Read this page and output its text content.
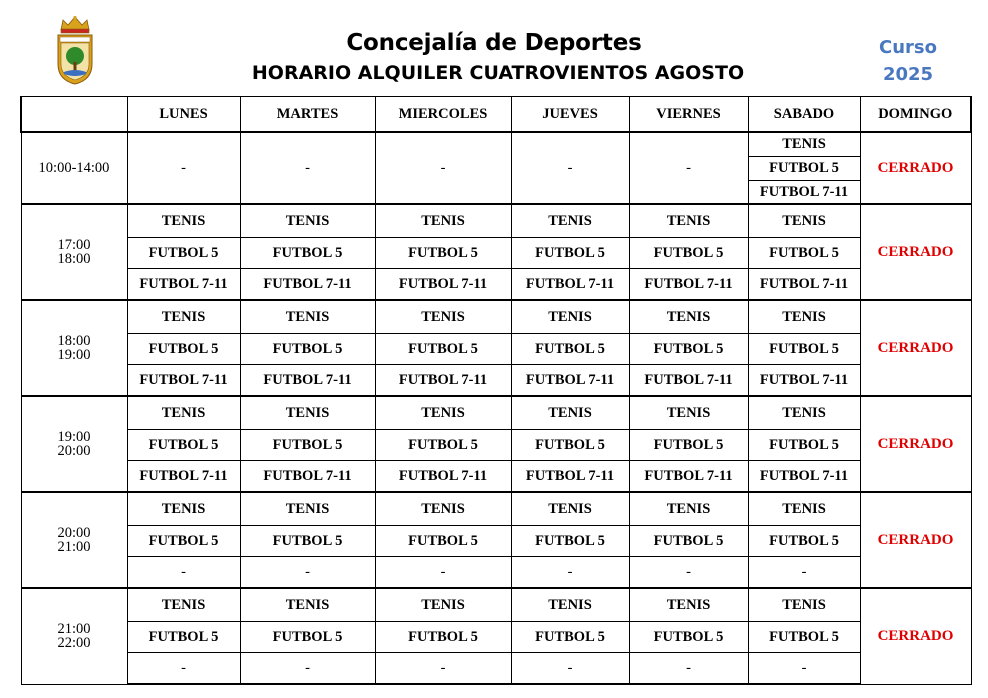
Concejalía de Deportes
HORARIO ALQUILER CUATROVIENTOS AGOSTO
Curso
2025
	LUNES	MARTES	MIERCOLES	JUEVES	VIERNES	SABADO	DOMINGO

10:00-14:00	-	-	-	-	-	TENIS	CERRADO
						FUTBOL 5	
						FUTBOL 7-11	

17:00
18:00	TENIS	TENIS	TENIS	TENIS	TENIS	TENIS	CERRADO
	FUTBOL 5	FUTBOL 5	FUTBOL 5	FUTBOL 5	FUTBOL 5	FUTBOL 5	
	FUTBOL 7-11	FUTBOL 7-11	FUTBOL 7-11	FUTBOL 7-11	FUTBOL 7-11	FUTBOL 7-11	

18:00
19:00	TENIS	TENIS	TENIS	TENIS	TENIS	TENIS	CERRADO
	FUTBOL 5	FUTBOL 5	FUTBOL 5	FUTBOL 5	FUTBOL 5	FUTBOL 5	
	FUTBOL 7-11	FUTBOL 7-11	FUTBOL 7-11	FUTBOL 7-11	FUTBOL 7-11	FUTBOL 7-11	

19:00
20:00	TENIS	TENIS	TENIS	TENIS	TENIS	TENIS	CERRADO
	FUTBOL 5	FUTBOL 5	FUTBOL 5	FUTBOL 5	FUTBOL 5	FUTBOL 5	
	FUTBOL 7-11	FUTBOL 7-11	FUTBOL 7-11	FUTBOL 7-11	FUTBOL 7-11	FUTBOL 7-11	

20:00
21:00	TENIS	TENIS	TENIS	TENIS	TENIS	TENIS	CERRADO
	FUTBOL 5	FUTBOL 5	FUTBOL 5	FUTBOL 5	FUTBOL 5	FUTBOL 5	
	-	-	-	-	-	-	

21:00
22:00	TENIS	TENIS	TENIS	TENIS	TENIS	TENIS	CERRADO
	FUTBOL 5	FUTBOL 5	FUTBOL 5	FUTBOL 5	FUTBOL 5	FUTBOL 5	
	-	-	-	-	-	-	
